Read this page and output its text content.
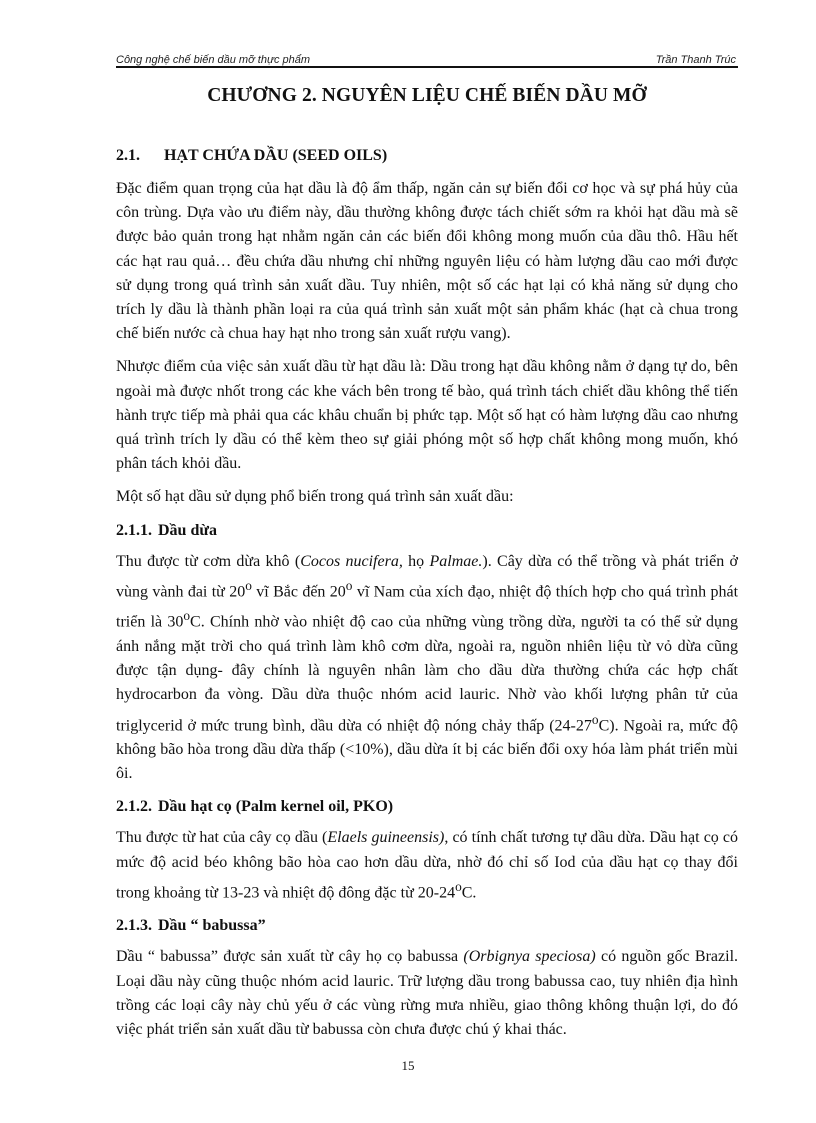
Công nghệ chế biến dầu mỡ thực phẩm	Trần Thanh Trúc
CHƯƠNG 2. NGUYÊN LIỆU CHẾ BIẾN DẦU MỠ
2.1. HẠT CHỨA DẦU (SEED OILS)

Đặc điểm quan trọng của hạt dầu là độ ẩm thấp, ngăn cản sự biến đổi cơ học và sự phá hủy của côn trùng. Dựa vào ưu điểm này, dầu thường không được tách chiết sớm ra khỏi hạt dầu mà sẽ được bảo quản trong hạt nhằm ngăn cản các biến đổi không mong muốn của dầu thô. Hầu hết các hạt rau quả… đều chứa dầu nhưng chỉ những nguyên liệu có hàm lượng dầu cao mới được sử dụng trong quá trình sản xuất dầu. Tuy nhiên, một số các hạt lại có khả năng sử dụng cho trích ly dầu là thành phần loại ra của quá trình sản xuất một sản phẩm khác (hạt cà chua trong chế biến nước cà chua hay hạt nho trong sản xuất rượu vang).

Nhược điểm của việc sản xuất dầu từ hạt dầu là: Dầu trong hạt dầu không nằm ở dạng tự do, bên ngoài mà được nhốt trong các khe vách bên trong tế bào, quá trình tách chiết dầu không thể tiến hành trực tiếp mà phải qua các khâu chuẩn bị phức tạp. Một số hạt có hàm lượng dầu cao nhưng quá trình trích ly dầu có thể kèm theo sự giải phóng một số hợp chất không mong muốn, khó phân tách khỏi dầu.

Một số hạt dầu sử dụng phổ biến trong quá trình sản xuất dầu:

2.1.1. Dầu dừa

Thu được từ cơm dừa khô (Cocos nucifera, họ Palmae.). Cây dừa có thể trồng và phát triển ở vùng vành đai từ 20$^o$ vĩ Bắc đến 20$^o$ vĩ Nam của xích đạo, nhiệt độ thích hợp cho quá trình phát triển là 30$^o$C. Chính nhờ vào nhiệt độ cao của những vùng trồng dừa, người ta có thể sử dụng ánh nắng mặt trời cho quá trình làm khô cơm dừa, ngoài ra, nguồn nhiên liệu từ vỏ dừa cũng được tận dụng- đây chính là nguyên nhân làm cho dầu dừa thường chứa các hợp chất hydrocarbon đa vòng. Dầu dừa thuộc nhóm acid lauric. Nhờ vào khối lượng phân tử của triglycerid ở mức trung bình, dầu dừa có nhiệt độ nóng chảy thấp (24-27$^o$C). Ngoài ra, mức độ không bão hòa trong dầu dừa thấp (<10%), dầu dừa ít bị các biến đổi oxy hóa làm phát triển mùi ôi.

2.1.2. Dầu hạt cọ (Palm kernel oil, PKO)

Thu được từ hat của cây cọ dầu (Elaels guineensis), có tính chất tương tự dầu dừa. Dầu hạt cọ có mức độ acid béo không bão hòa cao hơn dầu dừa, nhờ đó chỉ số Iod của dầu hạt cọ thay đổi trong khoảng từ 13-23 và nhiệt độ đông đặc từ 20-24$^o$C.

2.1.3. Dầu “ babussa”

Dầu “ babussa” được sản xuất từ cây họ cọ babussa (Orbignya speciosa) có nguồn gốc Brazil. Loại dầu này cũng thuộc nhóm acid lauric. Trữ lượng dầu trong babussa cao, tuy nhiên địa hình trồng các loại cây này chủ yếu ở các vùng rừng mưa nhiều, giao thông không thuận lợi, do đó việc phát triển sản xuất dầu từ babussa còn chưa được chú ý khai thác.

15
